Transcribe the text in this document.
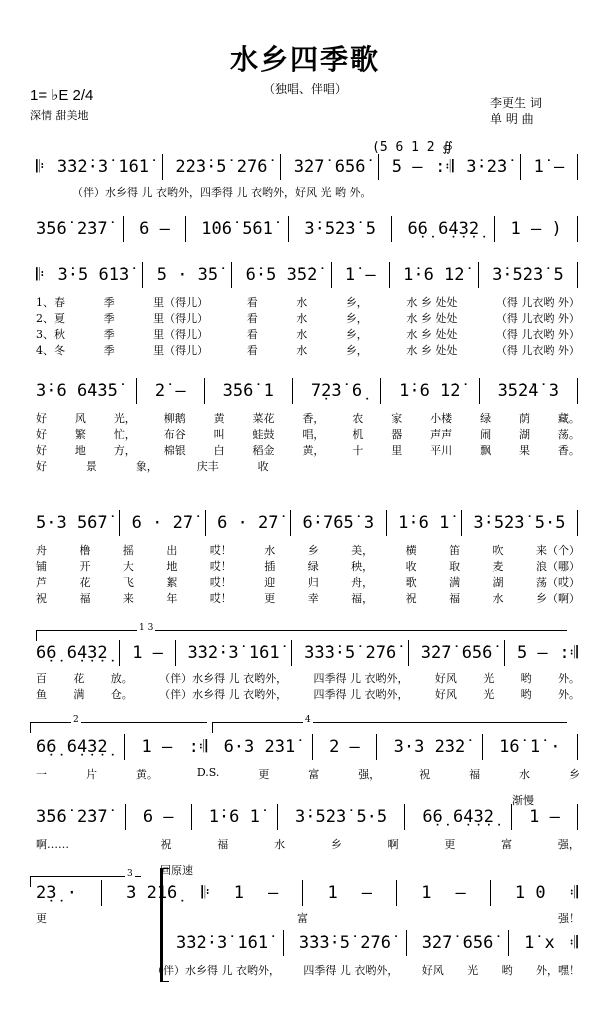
水乡四季歌
（独唱、伴唱）
1= ♭E 2/4
深情 甜美地
李更生 词
单 明 曲
(5 6 1 2 ∯
1 3
2	4
3
渐慢
回原速
𝄆 3̇3̇2̇·3̇ 1̇6̇1̇ 2̇2̇3̇·5̇ 2̇7̇6̇ 3̇2̇7̇ 6̇5̇6̇ 5 – :𝄇 3̇·2̇3̇ 1̇ –
（伴）水乡得 儿 衣哟外，四季得 儿 衣哟外，好风 光 哟 外。
3̇5̇6̇ 2̇3̇7̇ 6 – 1̇0̇6̇ 5̇6̇1̇ 3̇·5̇2̇3̇ 5 6̣6̣ 6̣4̣3̣2̣ 1 – )
𝄆 3̇·5 6̇1̇3̇ 5 · 3̇5̇ 6̇·5 3̇5̇2̇ 1̇ – 1̇·6 1̇2̇ 3̇·5̇2̇3̇ 5
1、春	季	里（得儿）	看	水	乡，	水 乡 处处	（得 儿衣哟 外）
2、夏	季	里（得儿）	看	水	乡，	水 乡 处处	（得 儿衣哟 外）
3、秋	季	里（得儿）	看	水	乡，	水 乡 处处	（得 儿衣哟 外）
4、冬	季	里（得儿）	看	水	乡，	水 乡 处处	（得 儿衣哟 外）
3̇·6 6̇4̇3̇5̇ 2̇ – 3̇5̇6̇ 1 7̣2̇3̇ 6̣ 1̇·6 1̇2̇ 3̇5̇2̇4̇ 3
好	风	光，	柳鹅	黄	菜花	香，	农	家	小楼	绿	荫	藏。
好	繁	忙，	布谷	叫	蛙鼓	唱，	机	器	声声	闹	湖	荡。
好	地	方，	棉银	白	稻金	黄，	十	里	平川	飘	果	香。
好	景	象，	庆丰	收
5·3 5̇6̇7̇ 6 · 2̇7̇ 6 · 2̇7̇ 6̇·7̇6̇5̇ 3 1̇·6 1̇ 3̇·5̇2̇3̇ 5·5
舟	橹	摇	出	哎！	水	乡	美，	横	笛	吹	来（个）
铺	开	大	地	哎！	插	绿	秧，	收	取	麦	浪（哪）
芦	花	飞	絮	哎！	迎	归	舟，	歌	满	湖	荡（哎）
祝	福	来	年	哎！	更	幸	福，	祝	福	水	乡（啊）
6̣6̣ 6̣4̣3̣2̣ 1 – 3̇3̇2̇·3̇ 1̇6̇1̇ 3̇3̇3̇·5̇ 2̇7̇6̇ 3̇2̇7̇ 6̇5̇6̇ 5 – :𝄇
百 花 放。 （伴）水乡得 儿 衣哟外， 四季得 儿 衣哟外， 好风 光 哟 外。
鱼 满 仓。 （伴）水乡得 儿 衣哟外， 四季得 儿 衣哟外， 好风 光 哟 外。
6̣6̣ 6̣4̣3̣2̣ 1 – :𝄇 6·3 2̇3̇1̇ 2 – 3·3 2̇3̇2̇ 1̇6̇ 1̇ ·
一	片	黄。	D.S.	更	富	强，	祝	福	水	乡
3̇5̇6̇ 2̇3̇7̇ 6 – 1̇·6 1̇ 3̇·5̇2̇3̇ 5·5 6̣6̣ 6̣4̣3̣2̣ 1 –
啊……	祝	福	水	乡	啊	更	富	强，
2̣3̣ ·	3 2̇1̇6̣ 𝄆 1 –	1 –	1 –	1 0 𝄇
更	富	强！
3̇3̇2̇·3̇ 1̇6̇1̇ 3̇3̇3̇·5̇ 2̇7̇6̇ 3̇2̇7̇ 6̇5̇6̇ 1̇ x 𝄇
（伴）水乡得 儿 衣哟外， 四季得 儿 衣哟外， 好风 光 哟 外，嘿！
